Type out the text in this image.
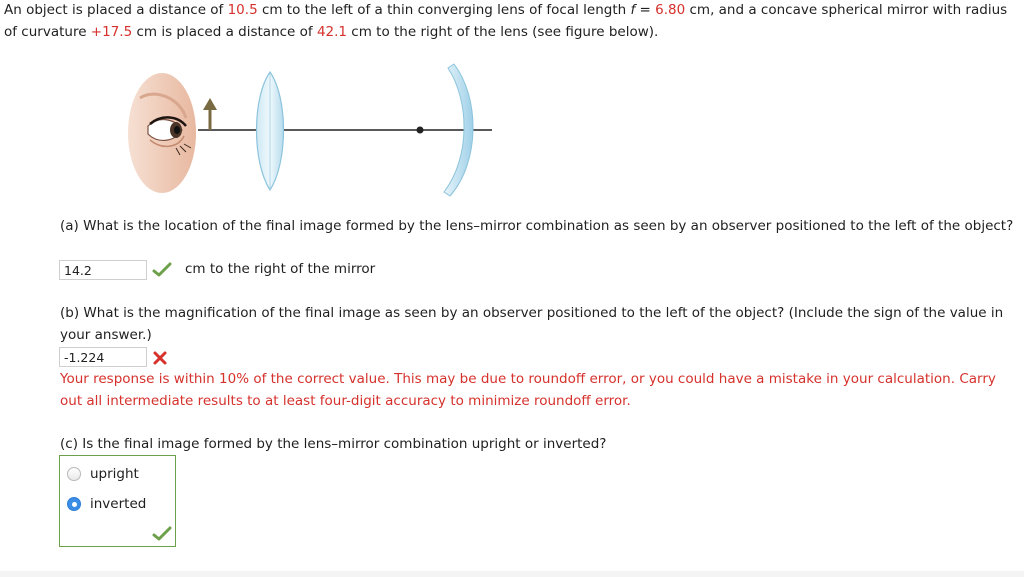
An object is placed a distance of 10.5 cm to the left of a thin converging lens of focal length f = 6.80 cm, and a concave spherical mirror with radius of curvature +17.5 cm is placed a distance of 42.1 cm to the right of the lens (see figure below).

(a) What is the location of the final image formed by the lens–mirror combination as seen by an observer positioned to the left of the object?

14.2
cm to the right of the mirror

(b) What is the magnification of the final image as seen by an observer positioned to the left of the object? (Include the sign of the value in your answer.)

-1.224

Your response is within 10% of the correct value. This may be due to roundoff error, or you could have a mistake in your calculation. Carry out all intermediate results to at least four-digit accuracy to minimize roundoff error.

(c) Is the final image formed by the lens–mirror combination upright or inverted?

upright
inverted
